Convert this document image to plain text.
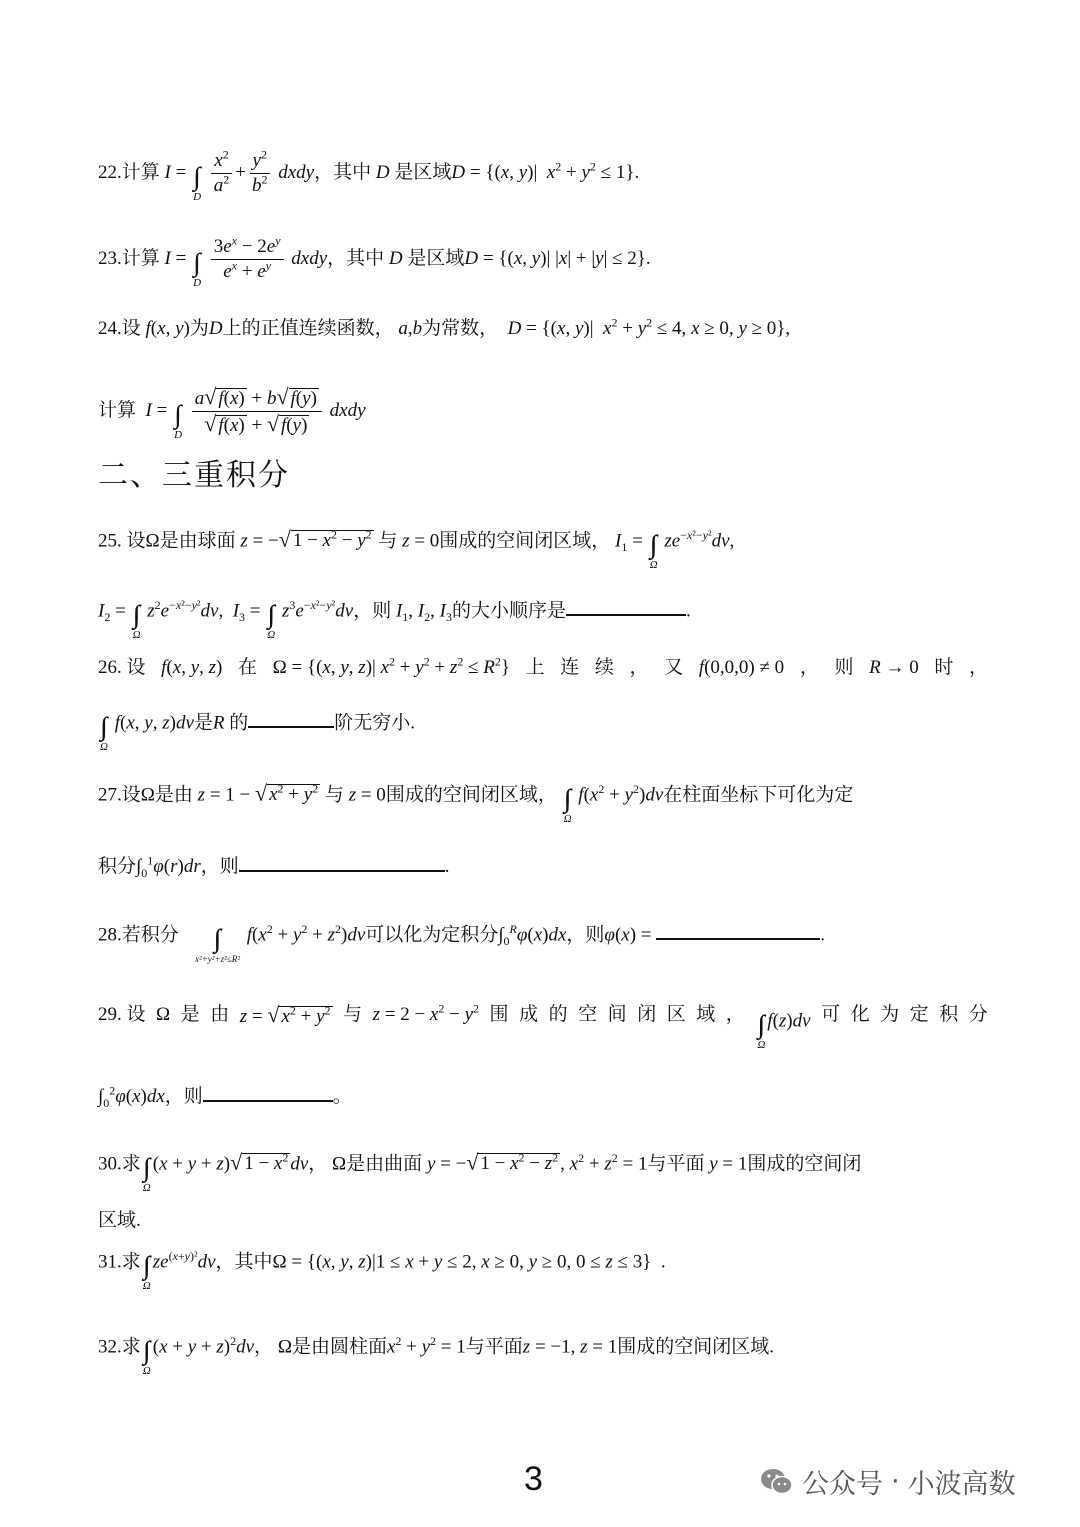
22.计算 I = ∫∫
D
$\frac{x^2}{a^2} + \frac{y^2}{b^2}$ dxdy，其中 D 是区域D = {(x, y)|  $x^2 + y^2 \le 1$}.
23.计算 I = ∫∫
D
$\frac{3e^x - 2e^y}{e^x + e^y}$ dxdy，其中 D 是区域D = {(x, y)| |x| + |y| ≤ 2}.
24.设 f(x, y)为D上的正值连续函数， a,b为常数， D = {(x, y)|  $x^2 + y^2 \le 4$, x ≥ 0, y ≥ 0},
计算 I = ∫∫
D
$\frac{a√ f(x) + b√ f(y)}{√ f(x) + √ f(y)}$ dxdy
二、三重积分
25. 设Ω是由球面 z = −√ $1 - x^2 - y^2$ 与 z = 0围成的空间闭区域， $I_1$ = ∫∫∫
Ω
$ze^{-x^2-y^2}dv$,
$I_2$ = ∫∫∫
Ω
$z^2e^{-x^2-y^2}dv$,  $I_3$ = ∫∫∫
Ω
$z^3e^{-x^2-y^2}dv$，则 $I_1$, $I_2$, $I_3$的大小顺序是	.
26. 设 f(x, y, z) 在 Ω = {(x, y, z)| $x^2 + y^2 + z^2 \le R^2$} 上 连 续 ， 又 f(0,0,0) ≠ 0 ， 则 R → 0 时 ，
∫∫∫
Ω
f(x, y, z)dv是R 的	阶无穷小.
27.设Ω是由 z = 1 − √ $x^2 + y^2$ 与 z = 0围成的空间闭区域， ∫∫∫
Ω
$f(x^2 + y^2)dv$在柱面坐标下可化为定
积分$\int_0^1\varphi(r)dr$，则	.
28.若积分 ∫∫∫
x²+y²+z²≤R²
$f(x^2 + y^2 + z^2)dv$可以化为定积分$\int_0^R\varphi(x)dx$，则φ(x) =	.
29. 设 Ω 是 由 z = √ $x^2 + y^2$ 与 $z = 2 - x^2 - y^2$ 围 成 的 空 间 闭 区 域 ， ∫∫∫
Ω
f(z)dv 可 化 为 定 积 分
$\int_0^2\varphi(x)dx$，则	。
30.求 ∫∫∫
Ω
(x + y + z)√ $1 - x^2$ dv， Ω是由曲面 y = −√ $1 - x^2 - z^2$ , $x^2 + z^2 = 1$与平面 y = 1围成的空间闭
区域.
31.求 ∫∫∫
Ω
$ze^{(x+y)^2}dv$，其中Ω = {(x, y, z)|1 ≤ x + y ≤ 2, x ≥ 0, y ≥ 0, 0 ≤ z ≤ 3}  .
32.求 ∫∫∫
Ω
$(x + y + z)^2dv$， Ω是由圆柱面$x^2 + y^2 = 1$与平面z = −1, z = 1围成的空间闭区域.
3	公众号 · 小波高数
